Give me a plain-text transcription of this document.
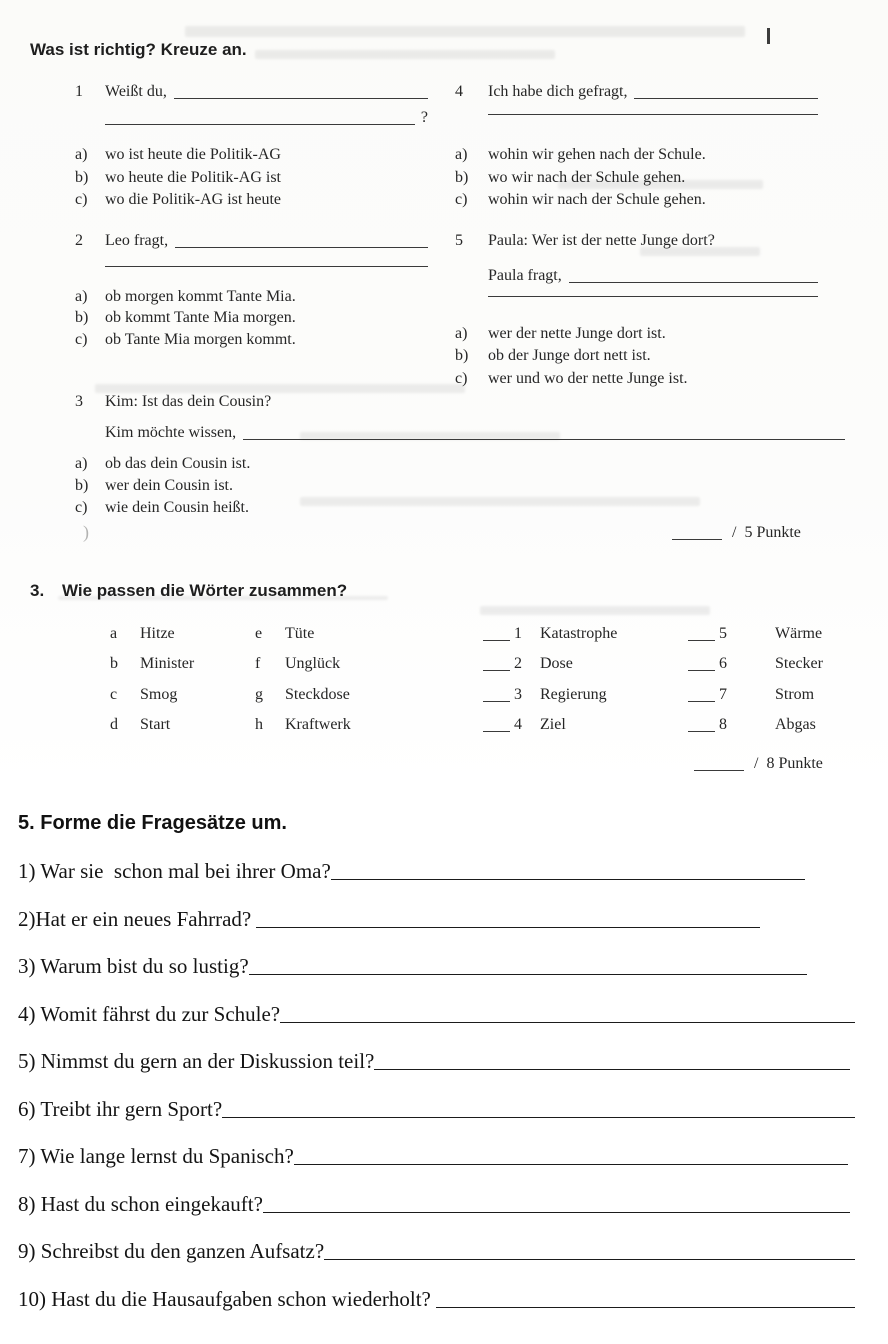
)
Was ist richtig? Kreuze an.
1	Weißt du,
?
a)	wo ist heute die Politik-AG
b)	wo heute die Politik-AG ist
c)	wo die Politik-AG ist heute
2	Leo fragt,
a)	ob morgen kommt Tante Mia.
b)	ob kommt Tante Mia morgen.
c)	ob Tante Mia morgen kommt.
3	Kim: Ist das dein Cousin?
Kim möchte wissen,
a)	ob das dein Cousin ist.
b)	wer dein Cousin ist.
c)	wie dein Cousin heißt.
4	Ich habe dich gefragt,
a)	wohin wir gehen nach der Schule.
b)	wo wir nach der Schule gehen.
c)	wohin wir nach der Schule gehen.
5	Paula: Wer ist der nette Junge dort?
Paula fragt,
a)	wer der nette Junge dort ist.
b)	ob der Junge dort nett ist.
c)	wer und wo der nette Junge ist.
/ 5 Punkte
3.	Wie passen die Wörter zusammen?
a	Hitze	e	Tüte	1	Katastrophe	5	Wärme
b	Minister	f	Unglück	2	Dose	6	Stecker
c	Smog	g	Steckdose	3	Regierung	7	Strom
d	Start	h	Kraftwerk	4	Ziel	8	Abgas
/ 8 Punkte
5. Forme die Fragesätze um.
1) War sie  schon mal bei ihrer Oma?
2)Hat er ein neues Fahrrad?
3) Warum bist du so lustig?
4) Womit fährst du zur Schule?
5) Nimmst du gern an der Diskussion teil?
6) Treibt ihr gern Sport?
7) Wie lange lernst du Spanisch?
8) Hast du schon eingekauft?
9) Schreibst du den ganzen Aufsatz?
10) Hast du die Hausaufgaben schon wiederholt?
